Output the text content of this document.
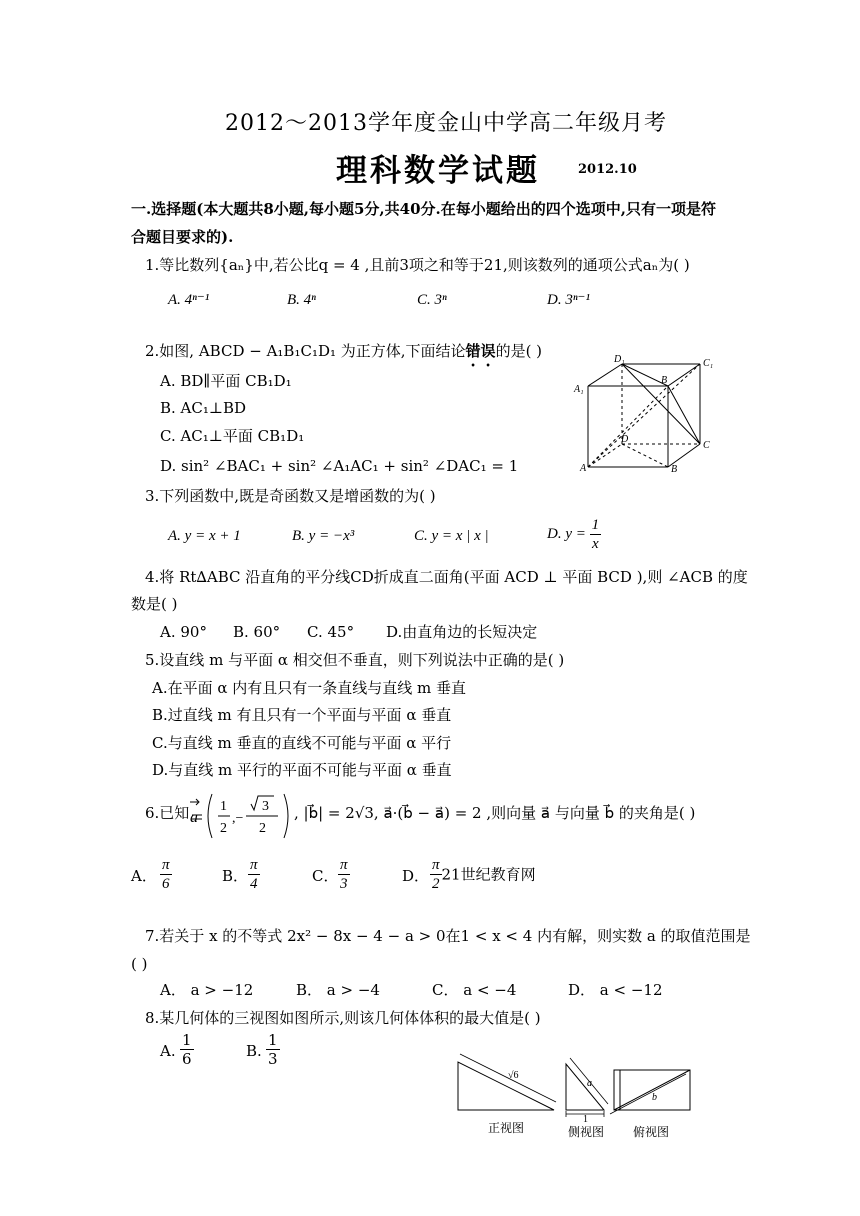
2012～2013学年度金山中学高二年级月考
理科数学试题	2012.10
一.选择题(本大题共8小题,每小题5分,共40分.在每小题给出的四个选项中,只有一项是符
合题目要求的).
1.等比数列{aₙ}中,若公比q = 4 ,且前3项之和等于21,则该数列的通项公式aₙ为( )
A. 4ⁿ⁻¹	B. 4ⁿ	C. 3ⁿ	D. 3ⁿ⁻¹
2.如图, ABCD − A₁B₁C₁D₁ 为正方体,下面结论错误的是( )
A. BD∥平面 CB₁D₁
B. AC₁⊥BD
C. AC₁⊥平面 CB₁D₁
D. sin² ∠BAC₁ + sin² ∠A₁AC₁ + sin² ∠DAC₁ = 1
D₁	C₁
A₁
B
D
C
A	B
3.下列函数中,既是奇函数又是增函数的为( )
A. y = x + 1	B. y = −x³	C. y = x | x |	D. $y = \frac{1}{x}$
4.将 Rt∆ABC 沿直角的平分线CD折成直二面角(平面 ACD ⊥ 平面 BCD ),则 ∠ACB 的度
数是( )
A. 90° B. 60° C. 45° D.由直角边的长短决定
5.设直线 m 与平面 α 相交但不垂直，则下列说法中正确的是( )
A.在平面 α 内有且只有一条直线与直线 m 垂直
B.过直线 m 有且只有一个平面与平面 α 垂直
C.与直线 m 垂直的直线不可能与平面 α 平行
D.与直线 m 平行的平面不可能与平面 α 垂直
6.已知 a
1
2
,−
3
2
, |b⃗| = 2√3, a⃗·(b⃗ − a⃗) = 2 ,则向量 a⃗ 与向量 b⃗ 的夹角是( )
A． $\frac{\pi}{6}$	B． $\frac{\pi}{4}$	C． $\frac{\pi}{3}$	D． $\frac{\pi}{2} 21$世纪教育网
7.若关于 x 的不等式 2x² − 8x − 4 − a > 0在1 < x < 4 内有解，则实数 a 的取值范围是
( )
A． a > −12	B． a > −4	C． a < −4	D． a < −12
8.某几何体的三视图如图所示,则该几何体体积的最大值是( )
A. $\frac{1}{6}$	B. $\frac{1}{3}$
√6
a
1
b
正视图	侧视图 俯视图
